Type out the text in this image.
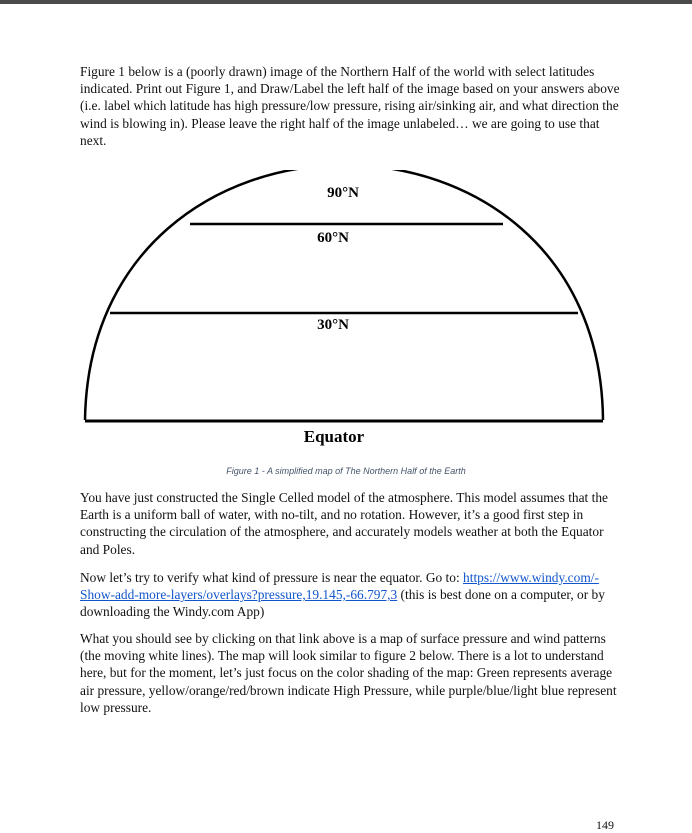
Figure 1 below is a (poorly drawn) image of the Northern Half of the world with select latitudes indicated. Print out Figure 1, and Draw/Label the left half of the image based on your answers above (i.e. label which latitude has high pressure/low pressure, rising air/sinking air, and what direction the wind is blowing in). Please leave the right half of the image unlabeled… we are going to use that next.

90°N
60°N
30°N
Equator
Figure 1 - A simplified map of The Northern Half of the Earth

You have just constructed the Single Celled model of the atmosphere. This model assumes that the Earth is a uniform ball of water, with no-tilt, and no rotation. However, it’s a good first step in constructing the circulation of the atmosphere, and accurately models weather at both the Equator and Poles.

Now let’s try to verify what kind of pressure is near the equator. Go to: https://www.windy.com/-Show-add-more-layers/overlays?pressure,19.145,-66.797,3 (this is best done on a computer, or by downloading the Windy.com App)

What you should see by clicking on that link above is a map of surface pressure and wind patterns (the moving white lines). The map will look similar to figure 2 below. There is a lot to understand here, but for the moment, let’s just focus on the color shading of the map: Green represents average air pressure, yellow/orange/red/brown indicate High Pressure, while purple/blue/light blue represent low pressure.

149
